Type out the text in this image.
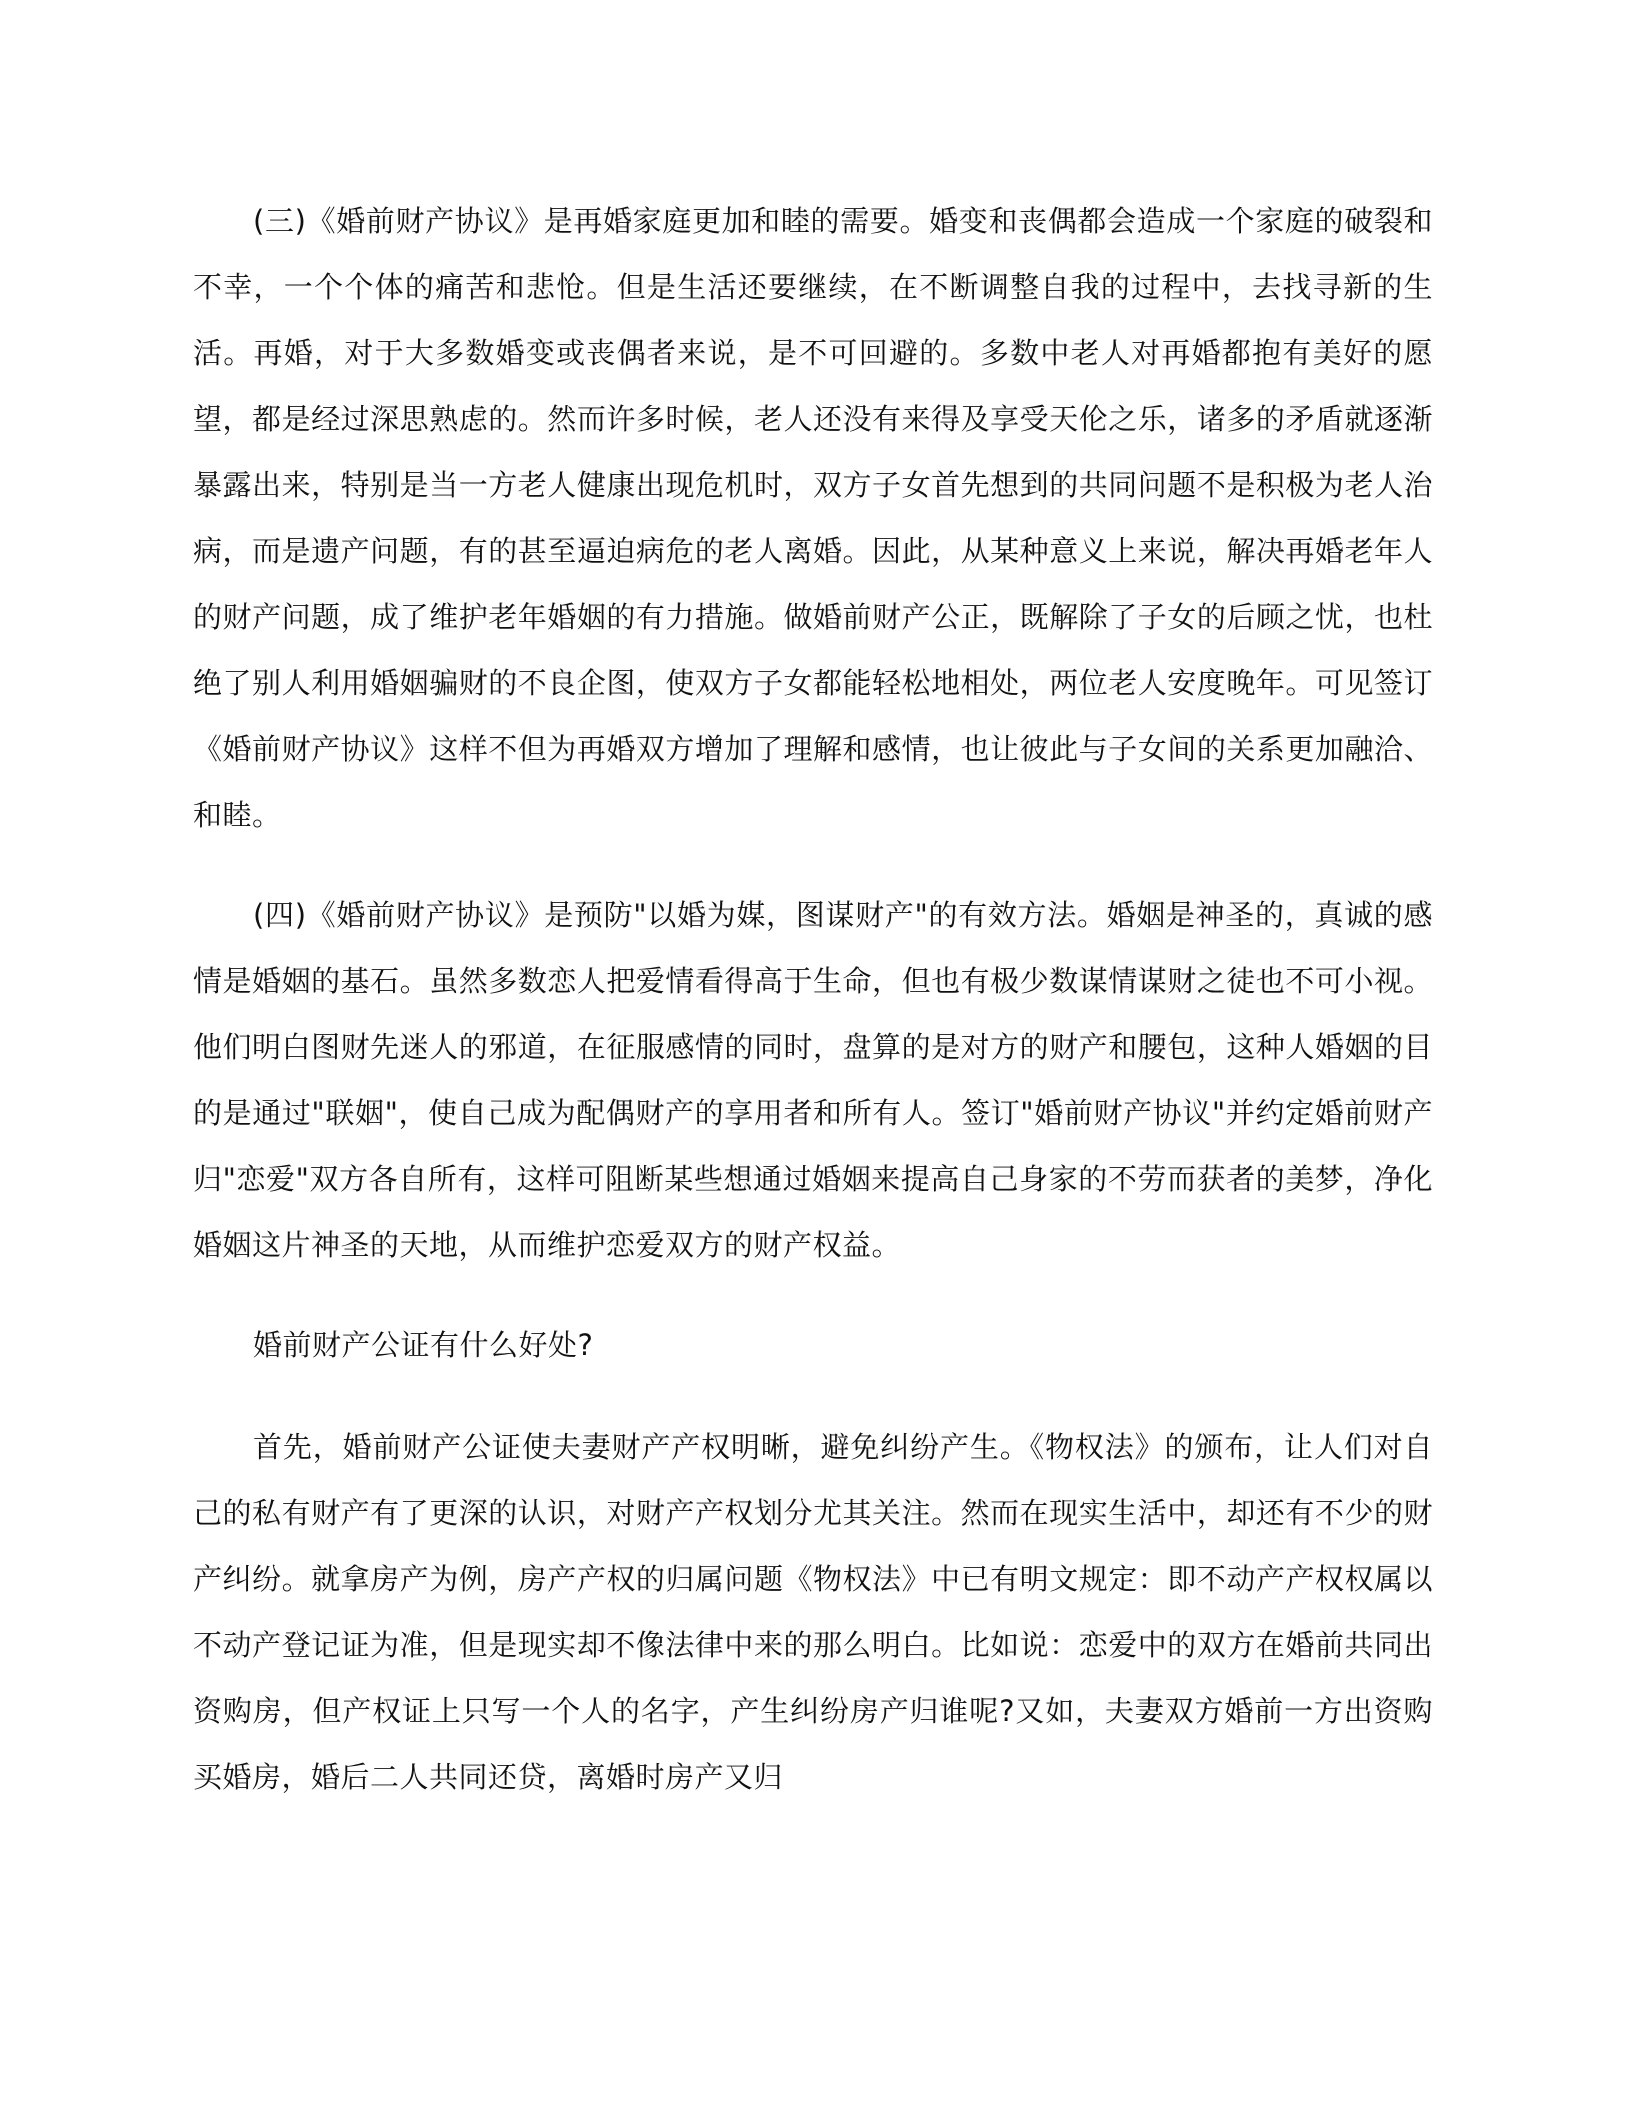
(三)《婚前财产协议》是再婚家庭更加和睦的需要。婚变和丧偶都会造成一个家庭的破裂和不幸，一个个体的痛苦和悲怆。但是生活还要继续，在不断调整自我的过程中，去找寻新的生活。再婚，对于大多数婚变或丧偶者来说，是不可回避的。多数中老人对再婚都抱有美好的愿望，都是经过深思熟虑的。然而许多时候，老人还没有来得及享受天伦之乐，诸多的矛盾就逐渐暴露出来，特别是当一方老人健康出现危机时，双方子女首先想到的共同问题不是积极为老人治病，而是遗产问题，有的甚至逼迫病危的老人离婚。因此，从某种意义上来说，解决再婚老年人的财产问题，成了维护老年婚姻的有力措施。做婚前财产公正，既解除了子女的后顾之忧，也杜绝了别人利用婚姻骗财的不良企图，使双方子女都能轻松地相处，两位老人安度晚年。可见签订《婚前财产协议》这样不但为再婚双方增加了理解和感情，也让彼此与子女间的关系更加融洽、和睦。

(四)《婚前财产协议》是预防"以婚为媒，图谋财产"的有效方法。婚姻是神圣的，真诚的感情是婚姻的基石。虽然多数恋人把爱情看得高于生命，但也有极少数谋情谋财之徒也不可小视。他们明白图财先迷人的邪道，在征服感情的同时，盘算的是对方的财产和腰包，这种人婚姻的目的是通过"联姻"，使自己成为配偶财产的享用者和所有人。签订"婚前财产协议"并约定婚前财产归"恋爱"双方各自所有，这样可阻断某些想通过婚姻来提高自己身家的不劳而获者的美梦，净化婚姻这片神圣的天地，从而维护恋爱双方的财产权益。

婚前财产公证有什么好处?

首先，婚前财产公证使夫妻财产产权明晰，避免纠纷产生。《物权法》的颁布，让人们对自己的私有财产有了更深的认识，对财产产权划分尤其关注。然而在现实生活中，却还有不少的财产纠纷。就拿房产为例，房产产权的归属问题《物权法》中已有明文规定：即不动产产权权属以不动产登记证为准，但是现实却不像法律中来的那么明白。比如说：恋爱中的双方在婚前共同出资购房，但产权证上只写一个人的名字，产生纠纷房产归谁呢?又如，夫妻双方婚前一方出资购买婚房，婚后二人共同还贷，离婚时房产又归
